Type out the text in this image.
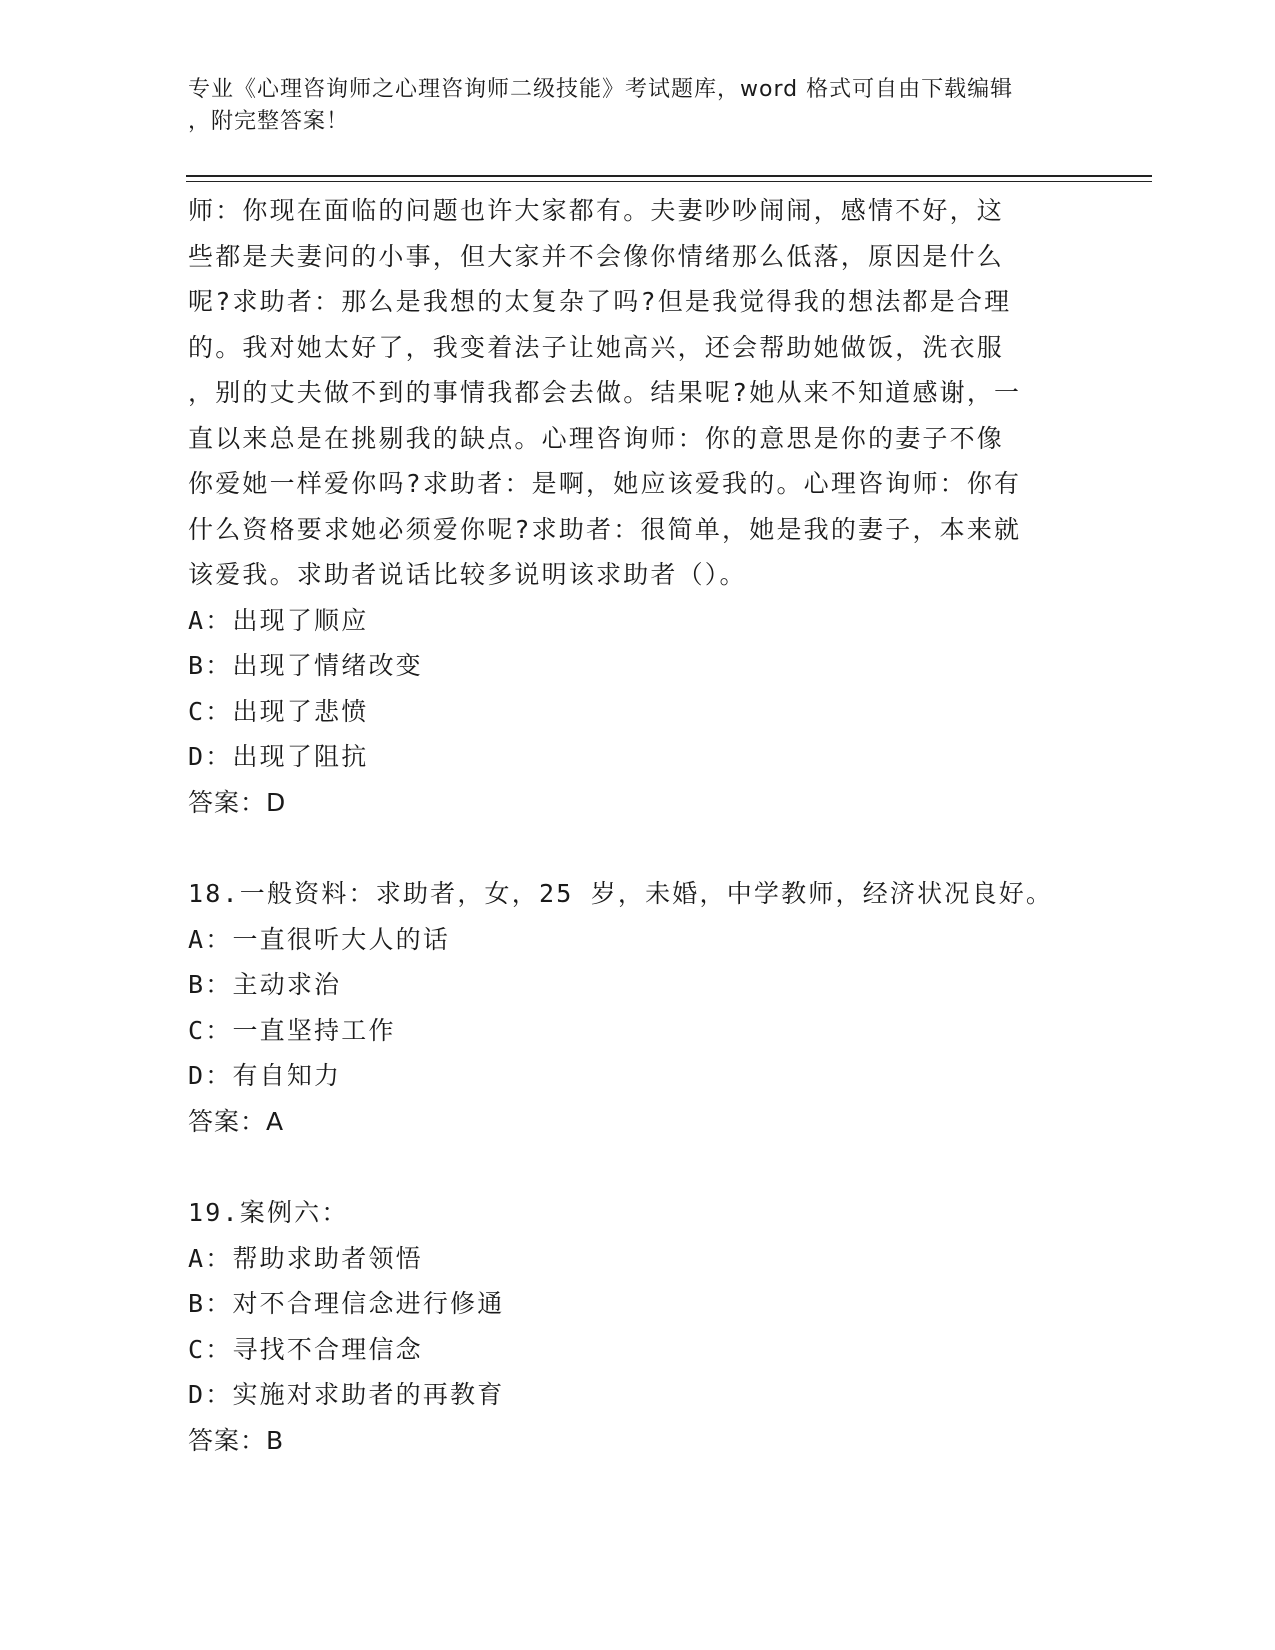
专业《心理咨询师之心理咨询师二级技能》考试题库，word 格式可自由下载编辑
，附完整答案！
师：你现在面临的问题也许大家都有。夫妻吵吵闹闹，感情不好，这
些都是夫妻问的小事，但大家并不会像你情绪那么低落，原因是什么
呢?求助者：那么是我想的太复杂了吗?但是我觉得我的想法都是合理
的。我对她太好了，我变着法子让她高兴，还会帮助她做饭，洗衣服
，别的丈夫做不到的事情我都会去做。结果呢?她从来不知道感谢，一
直以来总是在挑剔我的缺点。心理咨询师：你的意思是你的妻子不像
你爱她一样爱你吗?求助者：是啊，她应该爱我的。心理咨询师：你有
什么资格要求她必须爱你呢?求助者：很简单，她是我的妻子，本来就
该爱我。求助者说话比较多说明该求助者（）。
A：出现了顺应
B：出现了情绪改变
C：出现了悲愤
D：出现了阻抗
答案：D
18.一般资料：求助者，女，25 岁，未婚，中学教师，经济状况良好。
A：一直很听大人的话
B：主动求治
C：一直坚持工作
D：有自知力
答案：A
19.案例六：
A：帮助求助者领悟
B：对不合理信念进行修通
C：寻找不合理信念
D：实施对求助者的再教育
答案：B
